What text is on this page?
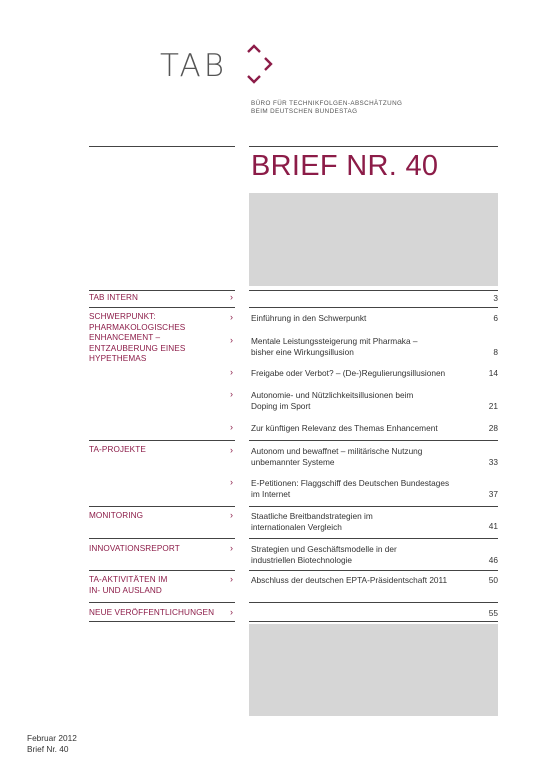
TAB
BÜRO FÜR TECHNIKFOLGEN-ABSCHÄTZUNG
BEIM DEUTSCHEN BUNDESTAG
BRIEF NR. 40
TAB INTERN	›	3
SCHWERPUNKT:
PHARMAKOLOGISCHES
ENHANCEMENT –
ENTZAUBERUNG EINES
HYPETHEMAS
› Einführung in den Schwerpunkt	6
› Mentale Leistungssteigerung mit Pharmaka –
bisher eine Wirkungsillusion	8
› Freigabe oder Verbot? – (De-)Regulierungsillusionen	14
› Autonomie- und Nützlichkeitsillusionen beim
Doping im Sport	21
› Zur künftigen Relevanz des Themas Enhancement	28
TA-PROJEKTE	› Autonom und bewaffnet – militärische Nutzung
unbemannter Systeme	33
› E-Petitionen: Flaggschiff des Deutschen Bundestages
im Internet	37
MONITORING	› Staatliche Breitbandstrategien im
internationalen Vergleich	41
INNOVATIONSREPORT	› Strategien und Geschäftsmodelle in der
industriellen Biotechnologie	46
TA-AKTIVITÄTEN IM
IN- UND AUSLAND
› Abschluss der deutschen EPTA-Präsidentschaft 2011	50
NEUE VERÖFFENTLICHUNGEN ›	55
Februar 2012
Brief Nr. 40
